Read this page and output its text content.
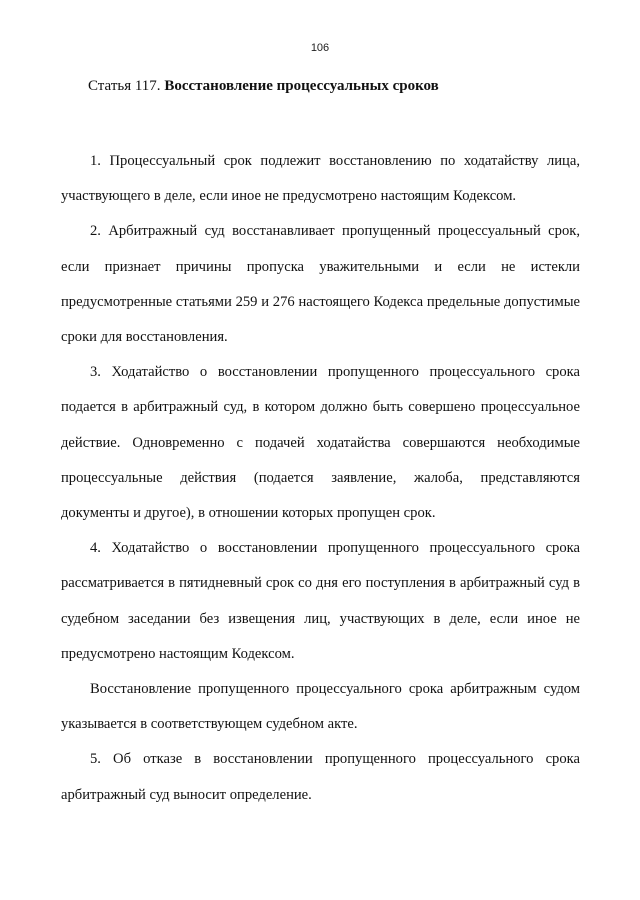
106
Статья 117. Восстановление процессуальных сроков

1. Процессуальный срок подлежит восстановлению по ходатайству лица, участвующего в деле, если иное не предусмотрено настоящим Кодексом.

2. Арбитражный суд восстанавливает пропущенный процессуальный срок, если признает причины пропуска уважительными и если не истекли предусмотренные статьями 259 и 276 настоящего Кодекса предельные допустимые сроки для восстановления.

3. Ходатайство о восстановлении пропущенного процессуального срока подается в арбитражный суд, в котором должно быть совершено процессуальное действие. Одновременно с подачей ходатайства совершаются необходимые процессуальные действия (подается заявление, жалоба, представляются документы и другое), в отношении которых пропущен срок.

4. Ходатайство о восстановлении пропущенного процессуального срока рассматривается в пятидневный срок со дня его поступления в арбитражный суд в судебном заседании без извещения лиц, участвующих в деле, если иное не предусмотрено настоящим Кодексом.

Восстановление пропущенного процессуального срока арбитражным судом указывается в соответствующем судебном акте.

5. Об отказе в восстановлении пропущенного процессуального срока арбитражный суд выносит определение.
